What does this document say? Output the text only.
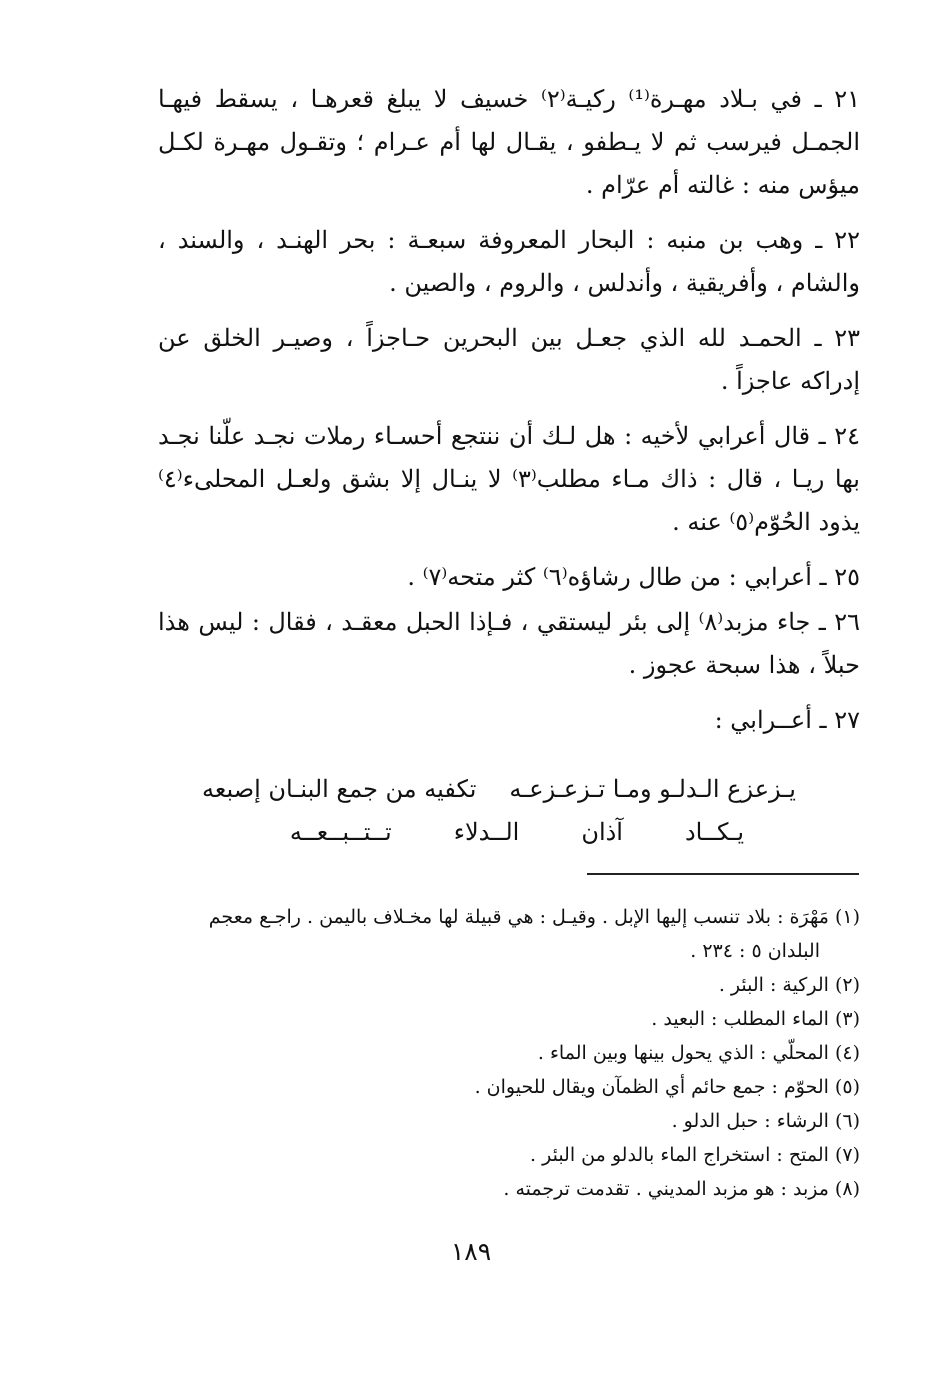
٢١ ـ في بـلاد مهـرة⁽¹⁾ ركيـة⁽٢⁾ خسيف لا يبلغ قعرهـا ، يسقط فيهـا الجمـل فيرسب ثم لا يـطفو ، يقـال لها أم عـرام ؛ وتقـول مهـرة لكـل ميؤس منه : غالته أم عرّام .

٢٢ ـ وهب بن منبه : البحار المعروفة سبعـة : بحر الهنـد ، والسند ، والشام ، وأفريقية ، وأندلس ، والروم ، والصين .

٢٣ ـ الحمـد لله الذي جعـل بين البحرين حـاجزاً ، وصيـر الخلق عن إدراكه عاجزاً .

٢٤ ـ قال أعرابي لأخيه : هل لـك أن ننتجع أحسـاء رملات نجـد علّنا نجـد بها ريـا ، قال : ذاك مـاء مطلب⁽٣⁾ لا ينـال إلا بشق ولعـل المحلىء⁽٤⁾ يذود الحُوّم⁽٥⁾ عنه .

٢٥ ـ أعرابي : من طال رشاؤه⁽٦⁾ كثر متحه⁽٧⁾ .

٢٦ ـ جاء مزبد⁽٨⁾ إلى بئر ليستقي ، فـإذا الحبل معقـد ، فقال : ليس هذا حبلاً ، هذا سبحة عجوز .

٢٧ ـ أعــرابي :

يـزعزع الـدلـو ومـا تـزعـزعـه
تكفيه من جمع البنـان إصبعه
يـكــاد
آذان
الــدلاء
تــتــبــعــه

(١) مَهْرَة : بلاد تنسب إليها الإبل . وقيـل : هي قبيلة لها مخـلاف باليمن . راجـع معجم البلدان ٥ : ٢٣٤ .

(٢) الركية : البئر .

(٣) الماء المطلب : البعيد .

(٤) المحلّي : الذي يحول بينها وبين الماء .

(٥) الحوّم : جمع حائم أي الظمآن ويقال للحيوان .

(٦) الرشاء : حبل الدلو .

(٧) المتح : استخراج الماء بالدلو من البئر .

(٨) مزبد : هو مزبد المديني . تقدمت ترجمته .

١٨٩
